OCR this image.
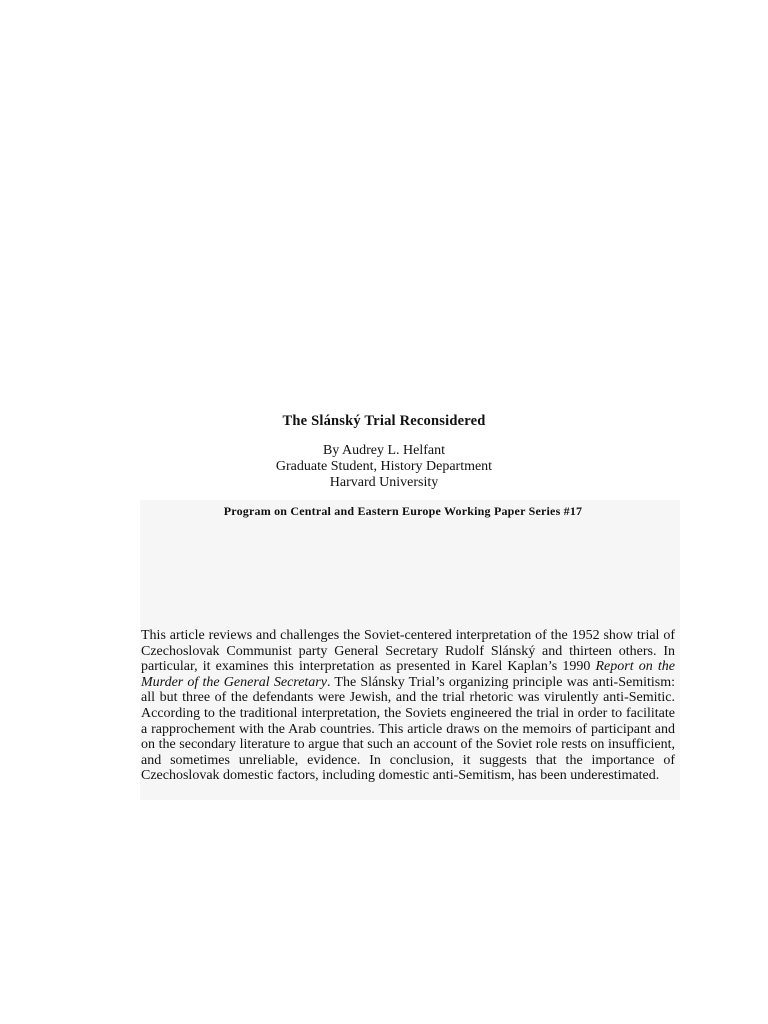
The Slánský Trial Reconsidered
By Audrey L. Helfant
Graduate Student, History Department
Harvard University
Program on Central and Eastern Europe Working Paper Series #17

This article reviews and challenges the Soviet-centered interpretation of the 1952 show trial of Czechoslovak Communist party General Secretary Rudolf Slánský and thirteen others. In particular, it examines this interpretation as presented in Karel Kaplan’s 1990 Report on the Murder of the General Secretary. The Slánsky Trial’s organizing principle was anti-Semitism: all but three of the defendants were Jewish, and the trial rhetoric was virulently anti-Semitic. According to the traditional interpretation, the Soviets engineered the trial in order to facilitate a rapprochement with the Arab countries. This article draws on the memoirs of participant and on the secondary literature to argue that such an account of the Soviet role rests on insufficient, and sometimes unreliable, evidence. In conclusion, it suggests that the importance of Czechoslovak domestic factors, including domestic anti-Semitism, has been underestimated.
